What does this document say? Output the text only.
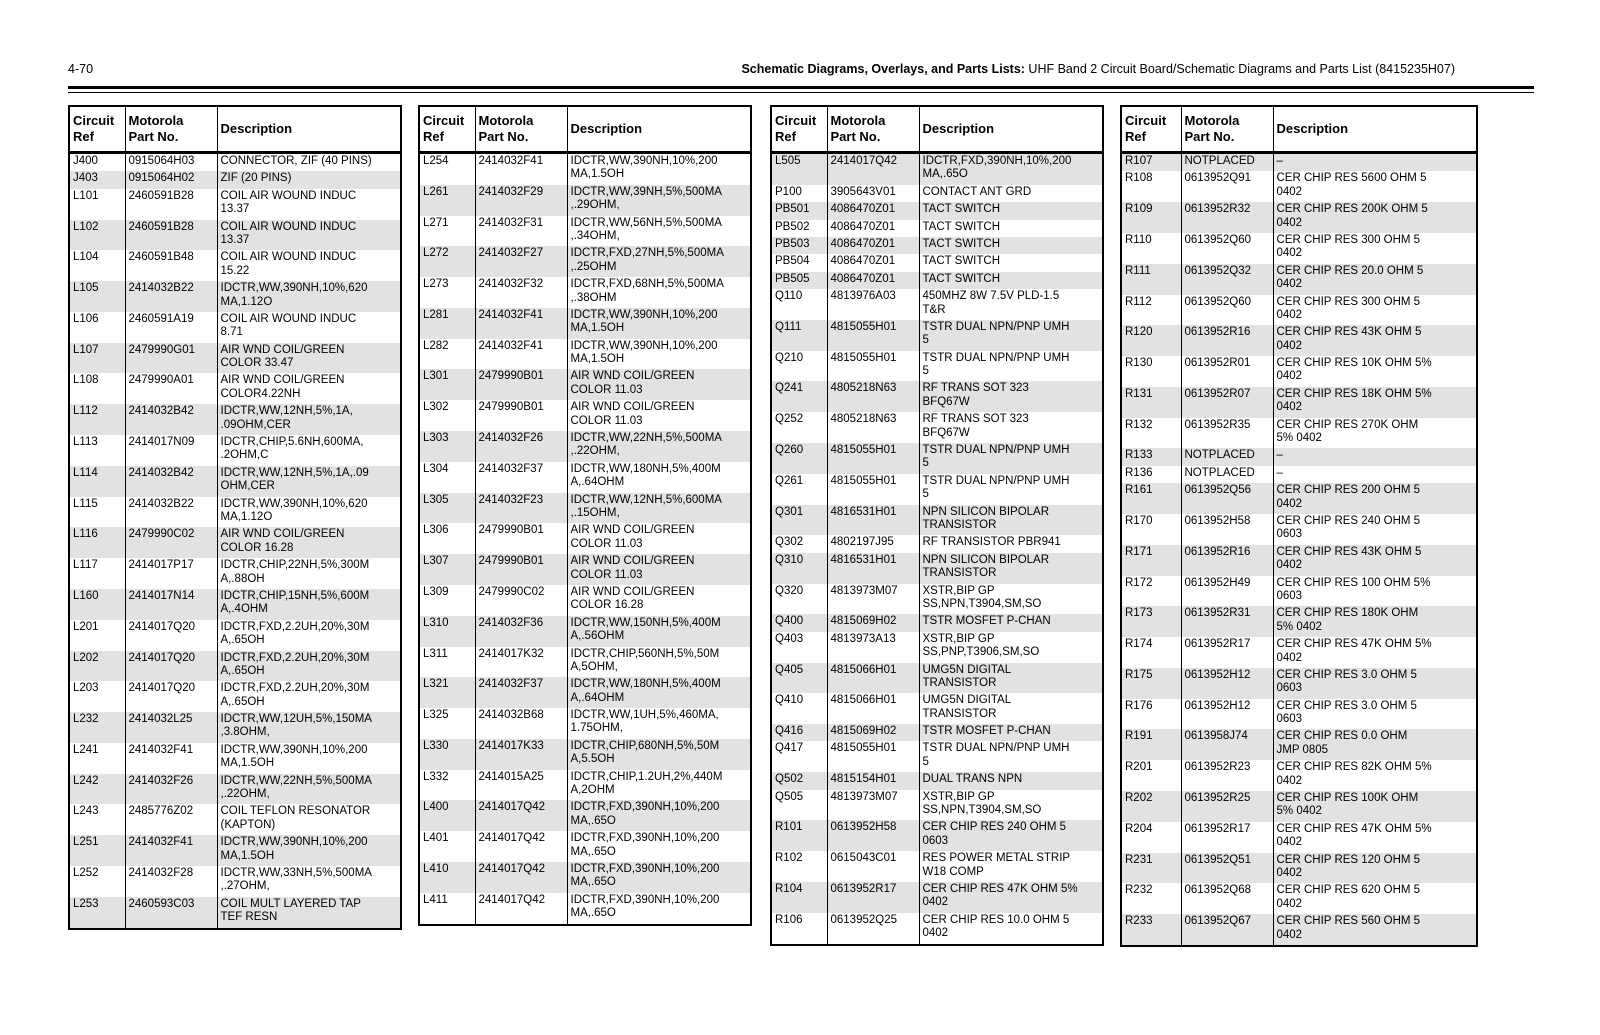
4-70	Schematic Diagrams, Overlays, and Parts Lists: UHF Band 2 Circuit Board/Schematic Diagrams and Parts List (8415235H07)
Circuit
Ref	Motorola
Part No.	Description
J400	0915064H03	CONNECTOR, ZIF (40 PINS)
J403	0915064H02	ZIF (20 PINS)
L101	2460591B28	COIL AIR WOUND INDUC
13.37
L102	2460591B28	COIL AIR WOUND INDUC
13.37
L104	2460591B48	COIL AIR WOUND INDUC
15.22
L105	2414032B22	IDCTR,WW,390NH,10%,620
MA,1.12O
L106	2460591A19	COIL AIR WOUND INDUC
8.71
L107	2479990G01	AIR WND COIL/GREEN
COLOR 33.47
L108	2479990A01	AIR WND COIL/GREEN
COLOR4.22NH
L112	2414032B42	IDCTR,WW,12NH,5%,1A,
.09OHM,CER
L113	2414017N09	IDCTR,CHIP,5.6NH,600MA,
.2OHM,C
L114	2414032B42	IDCTR,WW,12NH,5%,1A,.09
OHM,CER
L115	2414032B22	IDCTR,WW,390NH,10%,620
MA,1.12O
L116	2479990C02	AIR WND COIL/GREEN
COLOR 16.28
L117	2414017P17	IDCTR,CHIP,22NH,5%,300M
A,.88OH
L160	2414017N14	IDCTR,CHIP,15NH,5%,600M
A,.4OHM
L201	2414017Q20	IDCTR,FXD,2.2UH,20%,30M
A,.65OH
L202	2414017Q20	IDCTR,FXD,2.2UH,20%,30M
A,.65OH
L203	2414017Q20	IDCTR,FXD,2.2UH,20%,30M
A,.65OH
L232	2414032L25	IDCTR,WW,12UH,5%,150MA
,3.8OHM,
L241	2414032F41	IDCTR,WW,390NH,10%,200
MA,1.5OH
L242	2414032F26	IDCTR,WW,22NH,5%,500MA
,.22OHM,
L243	2485776Z02	COIL TEFLON RESONATOR
(KAPTON)
L251	2414032F41	IDCTR,WW,390NH,10%,200
MA,1.5OH
L252	2414032F28	IDCTR,WW,33NH,5%,500MA
,.27OHM,
L253	2460593C03	COIL MULT LAYERED TAP
TEF RESN
Circuit
Ref	Motorola
Part No.	Description
L254	2414032F41	IDCTR,WW,390NH,10%,200
MA,1.5OH
L261	2414032F29	IDCTR,WW,39NH,5%,500MA
,.29OHM,
L271	2414032F31	IDCTR,WW,56NH,5%,500MA
,.34OHM,
L272	2414032F27	IDCTR,FXD,27NH,5%,500MA
,.25OHM
L273	2414032F32	IDCTR,FXD,68NH,5%,500MA
,.38OHM
L281	2414032F41	IDCTR,WW,390NH,10%,200
MA,1.5OH
L282	2414032F41	IDCTR,WW,390NH,10%,200
MA,1.5OH
L301	2479990B01	AIR WND COIL/GREEN
COLOR 11.03
L302	2479990B01	AIR WND COIL/GREEN
COLOR 11.03
L303	2414032F26	IDCTR,WW,22NH,5%,500MA
,.22OHM,
L304	2414032F37	IDCTR,WW,180NH,5%,400M
A,.64OHM
L305	2414032F23	IDCTR,WW,12NH,5%,600MA
,.15OHM,
L306	2479990B01	AIR WND COIL/GREEN
COLOR 11.03
L307	2479990B01	AIR WND COIL/GREEN
COLOR 11.03
L309	2479990C02	AIR WND COIL/GREEN
COLOR 16.28
L310	2414032F36	IDCTR,WW,150NH,5%,400M
A,.56OHM
L311	2414017K32	IDCTR,CHIP,560NH,5%,50M
A,5OHM,
L321	2414032F37	IDCTR,WW,180NH,5%,400M
A,.64OHM
L325	2414032B68	IDCTR,WW,1UH,5%,460MA,
1.75OHM,
L330	2414017K33	IDCTR,CHIP,680NH,5%,50M
A,5.5OH
L332	2414015A25	IDCTR,CHIP,1.2UH,2%,440M
A,2OHM
L400	2414017Q42	IDCTR,FXD,390NH,10%,200
MA,.65O
L401	2414017Q42	IDCTR,FXD,390NH,10%,200
MA,.65O
L410	2414017Q42	IDCTR,FXD,390NH,10%,200
MA,.65O
L411	2414017Q42	IDCTR,FXD,390NH,10%,200
MA,.65O
Circuit
Ref	Motorola
Part No.	Description
L505	2414017Q42	IDCTR,FXD,390NH,10%,200
MA,.65O
P100	3905643V01	CONTACT ANT GRD
PB501	4086470Z01	TACT SWITCH
PB502	4086470Z01	TACT SWITCH
PB503	4086470Z01	TACT SWITCH
PB504	4086470Z01	TACT SWITCH
PB505	4086470Z01	TACT SWITCH
Q110	4813976A03	450MHZ 8W 7.5V PLD-1.5
T&R
Q111	4815055H01	TSTR DUAL NPN/PNP UMH
5
Q210	4815055H01	TSTR DUAL NPN/PNP UMH
5
Q241	4805218N63	RF TRANS SOT 323
BFQ67W
Q252	4805218N63	RF TRANS SOT 323
BFQ67W
Q260	4815055H01	TSTR DUAL NPN/PNP UMH
5
Q261	4815055H01	TSTR DUAL NPN/PNP UMH
5
Q301	4816531H01	NPN SILICON BIPOLAR
TRANSISTOR
Q302	4802197J95	RF TRANSISTOR PBR941
Q310	4816531H01	NPN SILICON BIPOLAR
TRANSISTOR
Q320	4813973M07	XSTR,BIP GP
SS,NPN,T3904,SM,SO
Q400	4815069H02	TSTR MOSFET P-CHAN
Q403	4813973A13	XSTR,BIP GP
SS,PNP,T3906,SM,SO
Q405	4815066H01	UMG5N DIGITAL
TRANSISTOR
Q410	4815066H01	UMG5N DIGITAL
TRANSISTOR
Q416	4815069H02	TSTR MOSFET P-CHAN
Q417	4815055H01	TSTR DUAL NPN/PNP UMH
5
Q502	4815154H01	DUAL TRANS NPN
Q505	4813973M07	XSTR,BIP GP
SS,NPN,T3904,SM,SO
R101	0613952H58	CER CHIP RES 240 OHM 5
0603
R102	0615043C01	RES POWER METAL STRIP
W18 COMP
R104	0613952R17	CER CHIP RES 47K OHM 5%
0402
R106	0613952Q25	CER CHIP RES 10.0 OHM 5
0402
Circuit
Ref	Motorola
Part No.	Description
R107	NOTPLACED	–
R108	0613952Q91	CER CHIP RES 5600 OHM 5
0402
R109	0613952R32	CER CHIP RES 200K OHM 5
0402
R110	0613952Q60	CER CHIP RES 300 OHM 5
0402
R111	0613952Q32	CER CHIP RES 20.0 OHM 5
0402
R112	0613952Q60	CER CHIP RES 300 OHM 5
0402
R120	0613952R16	CER CHIP RES 43K OHM 5
0402
R130	0613952R01	CER CHIP RES 10K OHM 5%
0402
R131	0613952R07	CER CHIP RES 18K OHM 5%
0402
R132	0613952R35	CER CHIP RES 270K OHM
5% 0402
R133	NOTPLACED	–
R136	NOTPLACED	–
R161	0613952Q56	CER CHIP RES 200 OHM 5
0402
R170	0613952H58	CER CHIP RES 240 OHM 5
0603
R171	0613952R16	CER CHIP RES 43K OHM 5
0402
R172	0613952H49	CER CHIP RES 100 OHM 5%
0603
R173	0613952R31	CER CHIP RES 180K OHM
5% 0402
R174	0613952R17	CER CHIP RES 47K OHM 5%
0402
R175	0613952H12	CER CHIP RES 3.0 OHM 5
0603
R176	0613952H12	CER CHIP RES 3.0 OHM 5
0603
R191	0613958J74	CER CHIP RES 0.0 OHM
JMP 0805
R201	0613952R23	CER CHIP RES 82K OHM 5%
0402
R202	0613952R25	CER CHIP RES 100K OHM
5% 0402
R204	0613952R17	CER CHIP RES 47K OHM 5%
0402
R231	0613952Q51	CER CHIP RES 120 OHM 5
0402
R232	0613952Q68	CER CHIP RES 620 OHM 5
0402
R233	0613952Q67	CER CHIP RES 560 OHM 5
0402
